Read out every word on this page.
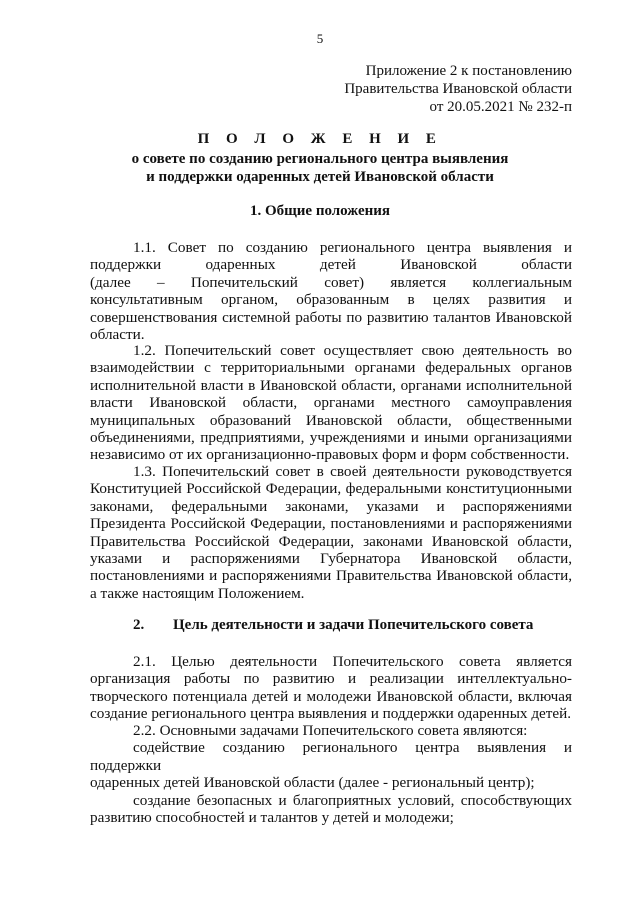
5
Приложение 2 к постановлению
Правительства Ивановской области
от 20.05.2021 № 232-п
П О Л О Ж Е Н И Е
о совете по созданию регионального центра выявления
и поддержки одаренных детей Ивановской области
1. Общие положения

1.1. Совет по созданию регионального центра выявления и

поддержки одаренных детей Ивановской области

(далее – Попечительский совет) является коллегиальным

консультативным органом, образованным в целях развития и

совершенствования системной работы по развитию талантов Ивановской

области.

1.2. Попечительский совет осуществляет свою деятельность во

взаимодействии с территориальными органами федеральных органов

исполнительной власти в Ивановской области, органами исполнительной

власти Ивановской области, органами местного самоуправления

муниципальных образований Ивановской области, общественными

объединениями, предприятиями, учреждениями и иными организациями

независимо от их организационно-правовых форм и форм собственности.

1.3. Попечительский совет в своей деятельности руководствуется

Конституцией Российской Федерации, федеральными конституционными

законами, федеральными законами, указами и распоряжениями

Президента Российской Федерации, постановлениями и распоряжениями

Правительства Российской Федерации, законами Ивановской области,

указами и распоряжениями Губернатора Ивановской области,

постановлениями и распоряжениями Правительства Ивановской области,

а также настоящим Положением.

2. Цель деятельности и задачи Попечительского совета

2.1. Целью деятельности Попечительского совета является

организация работы по развитию и реализации интеллектуально-

творческого потенциала детей и молодежи Ивановской области, включая

создание регионального центра выявления и поддержки одаренных детей.

2.2. Основными задачами Попечительского совета являются:

содействие созданию регионального центра выявления и поддержки

одаренных детей Ивановской области (далее - региональный центр);

создание безопасных и благоприятных условий, способствующих

развитию способностей и талантов у детей и молодежи;
